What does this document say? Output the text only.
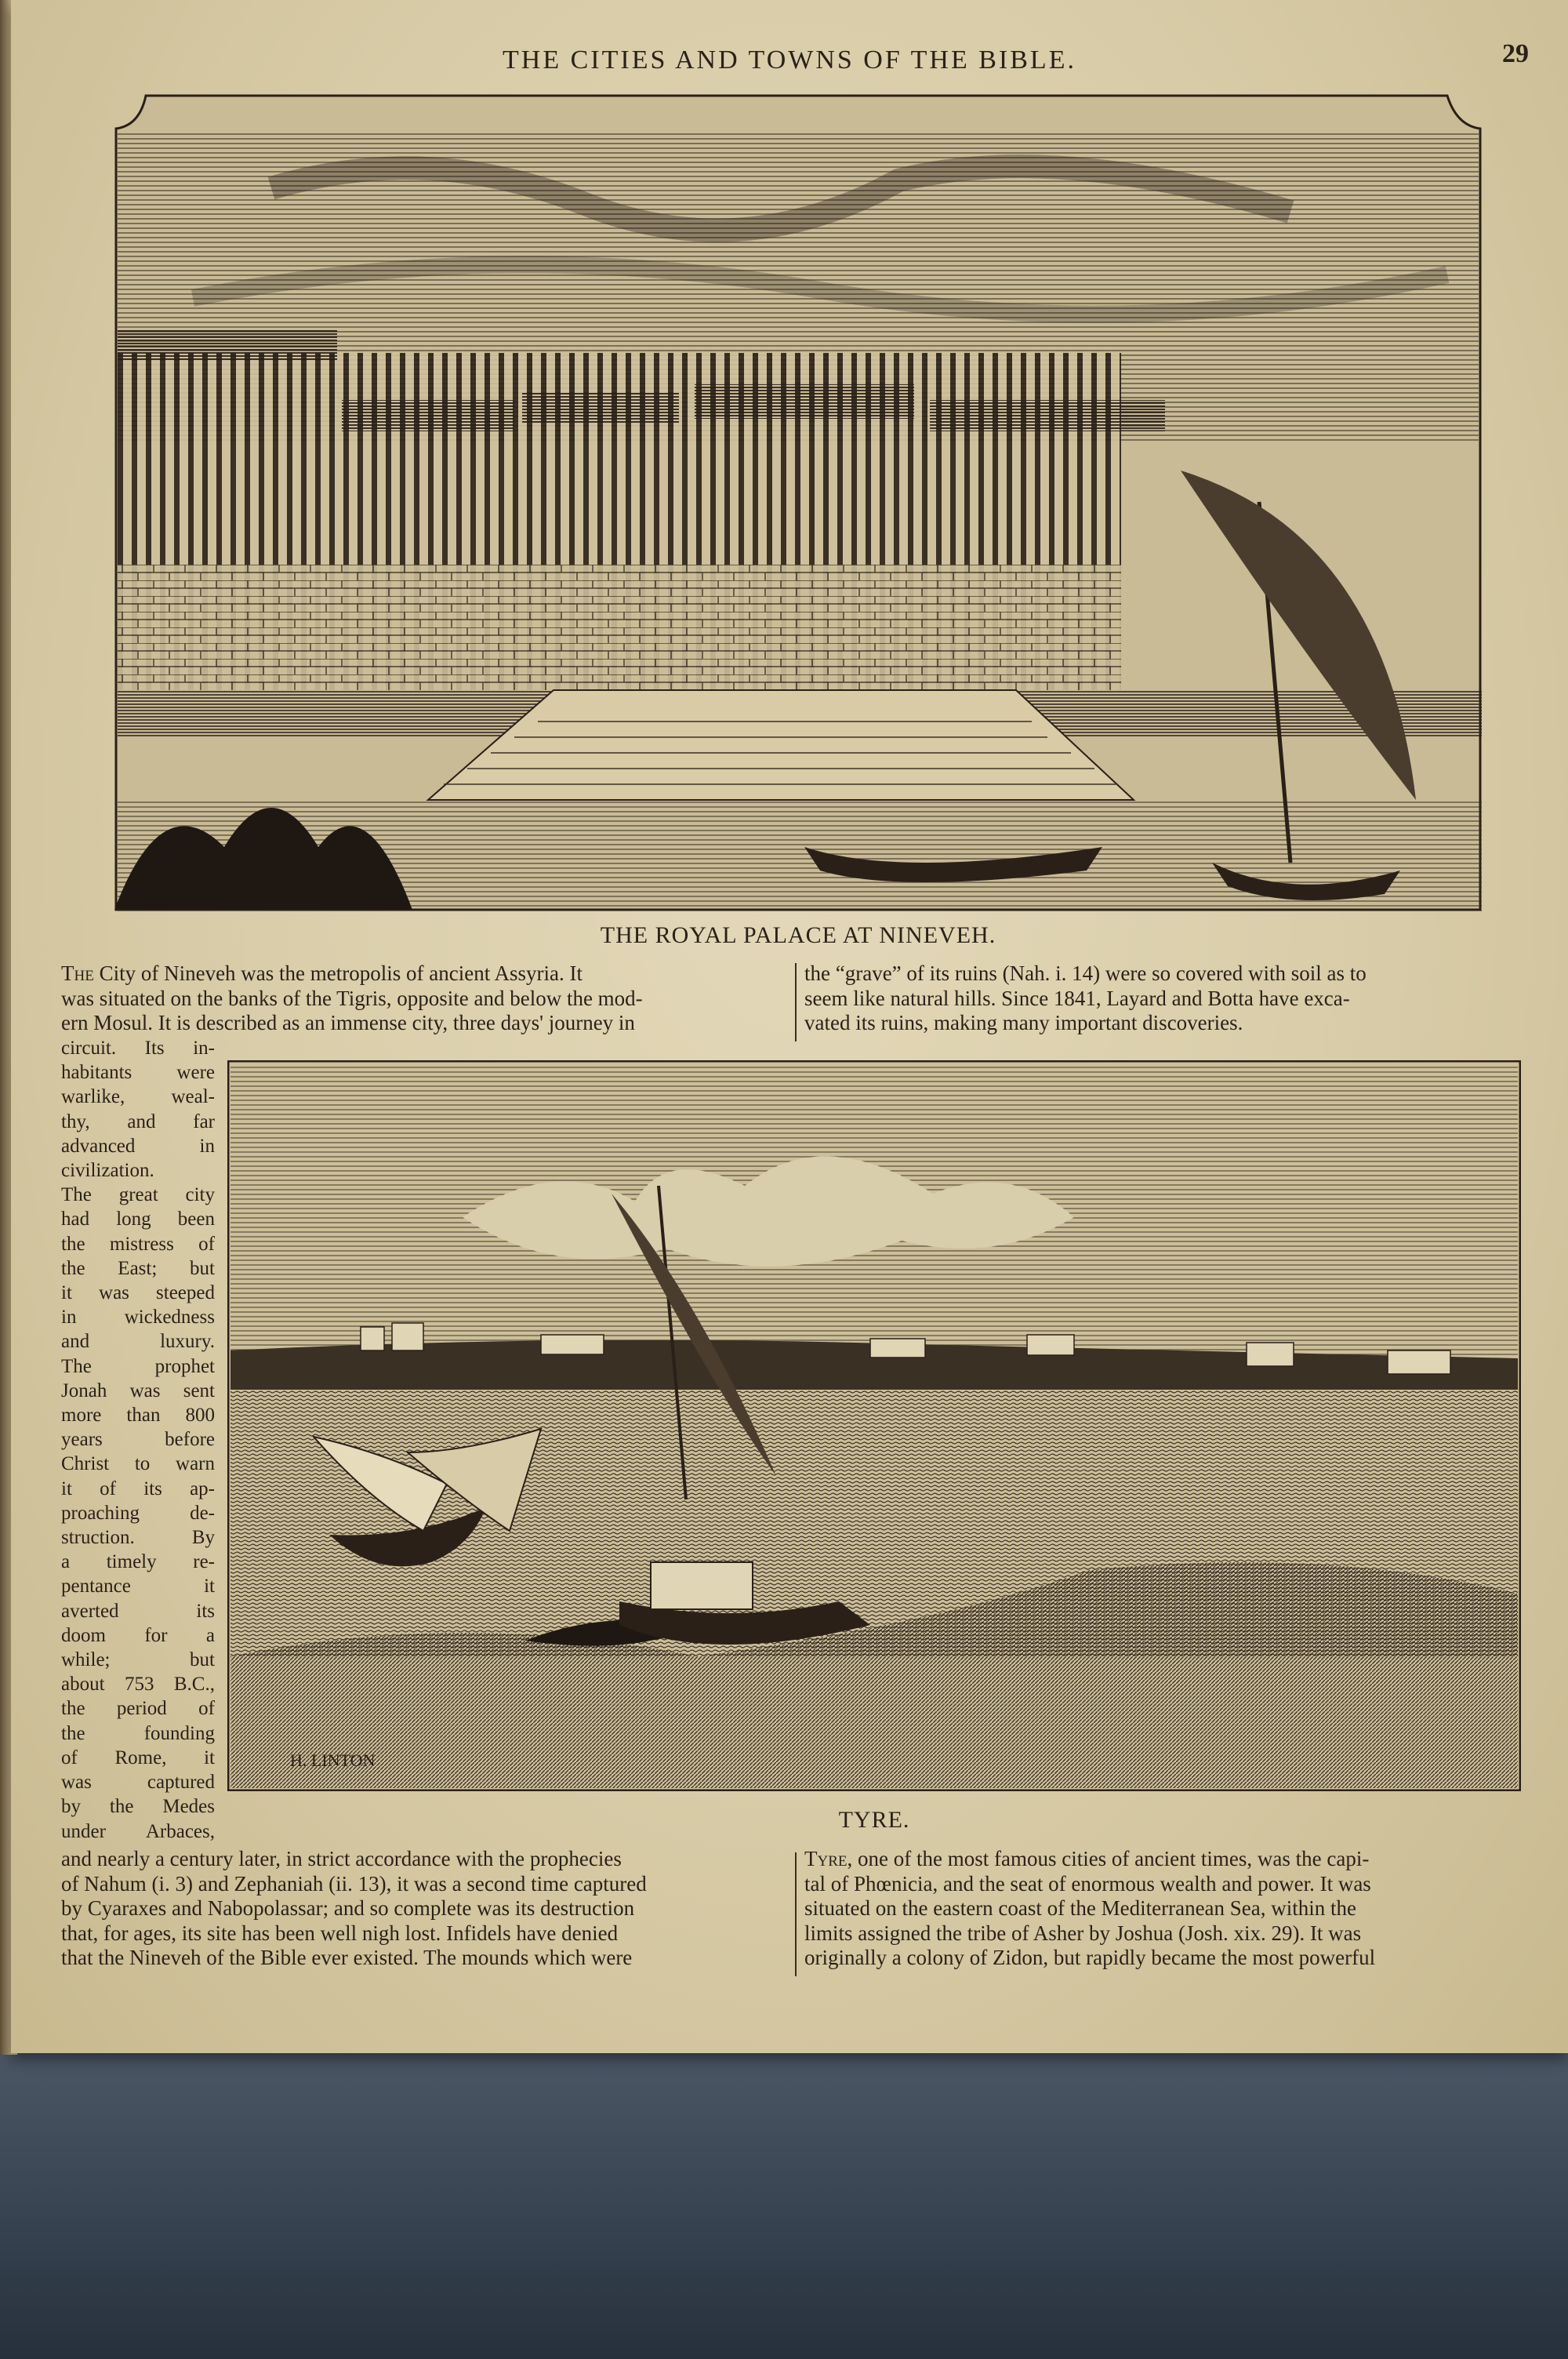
THE CITIES AND TOWNS OF THE BIBLE.	29
THE ROYAL PALACE AT NINEVEH.
The City of Nineveh was the metropolis of ancient Assyria. It
was situated on the banks of the Tigris, opposite and below the mod-
ern Mosul. It is described as an immense city, three days' journey in
the “grave” of its ruins (Nah. i. 14) were so covered with soil as to
seem like natural hills. Since 1841, Layard and Botta have exca-
vated its ruins, making many important discoveries.
circuit. Its in-
habitants were
warlike, weal-
thy, and far
advanced in
civilization.
The great city
had long been
the mistress of
the East; but
it was steeped
in wickedness
and luxury.
The prophet
Jonah was sent
more than 800
years before
Christ to warn
it of its ap-
proaching de-
struction. By
a timely re-
pentance it
averted its
doom for a
while; but
about 753 B.C.,
the period of
the founding
of Rome, it
was captured
by the Medes
under Arbaces,
H. LINTON
TYRE.
and nearly a century later, in strict accordance with the prophecies
of Nahum (i. 3) and Zephaniah (ii. 13), it was a second time captured
by Cyaraxes and Nabopolassar; and so complete was its destruction
that, for ages, its site has been well nigh lost. Infidels have denied
that the Nineveh of the Bible ever existed. The mounds which were
Tyre, one of the most famous cities of ancient times, was the capi-
tal of Phœnicia, and the seat of enormous wealth and power. It was
situated on the eastern coast of the Mediterranean Sea, within the
limits assigned the tribe of Asher by Joshua (Josh. xix. 29). It was
originally a colony of Zidon, but rapidly became the most powerful
